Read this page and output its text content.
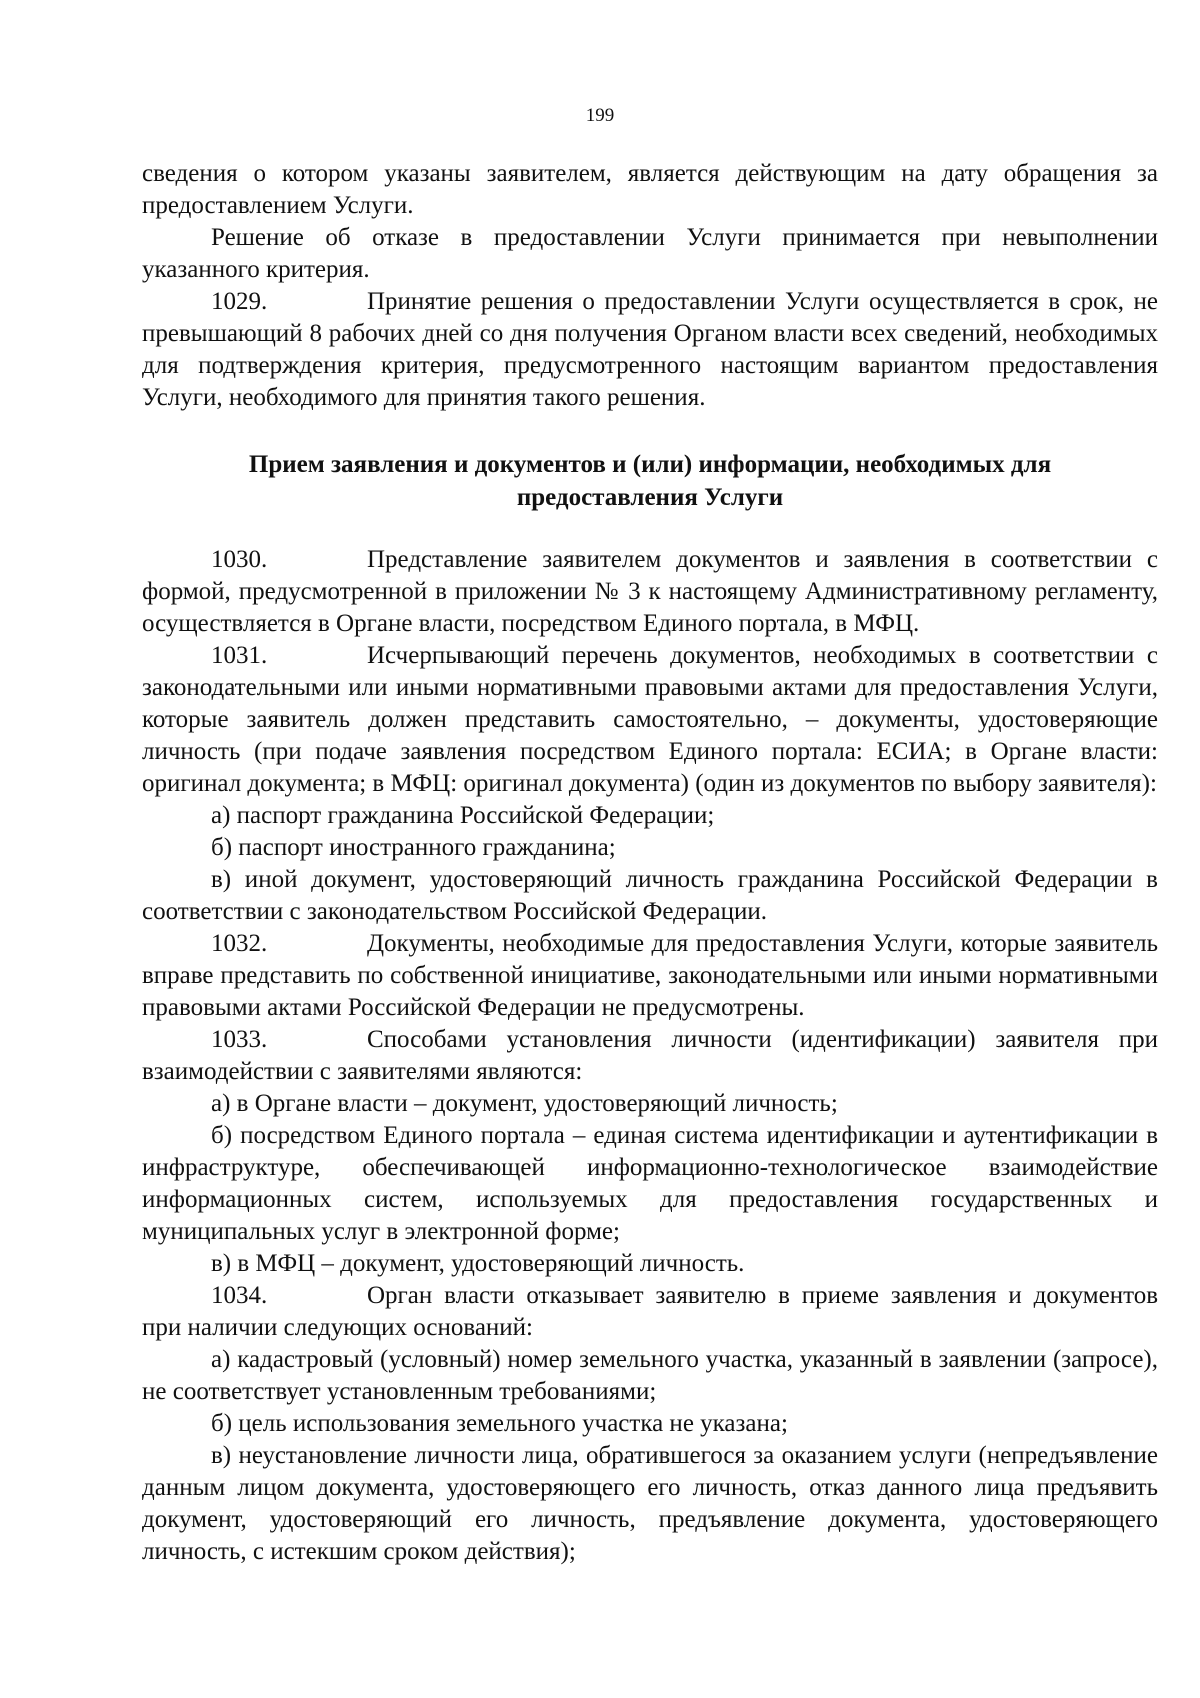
199

сведения о котором указаны заявителем, является действующим на дату обращения за предоставлением Услуги.

Решение об отказе в предоставлении Услуги принимается при невыполнении указанного критерия.

1029.	Принятие решения о предоставлении Услуги осуществляется в срок, не превышающий 8 рабочих дней со дня получения Органом власти всех сведений, необходимых для подтверждения критерия, предусмотренного настоящим вариантом предоставления Услуги, необходимого для принятия такого решения.

Прием заявления и документов и (или) информации, необходимых для
предоставления Услуги

1030.	Представление заявителем документов и заявления в соответствии с формой, предусмотренной в приложении № 3 к настоящему Административному регламенту, осуществляется в Органе власти, посредством Единого портала, в МФЦ.

1031.	Исчерпывающий перечень документов, необходимых в соответствии с законодательными или иными нормативными правовыми актами для предоставления Услуги, которые заявитель должен представить самостоятельно, – документы, удостоверяющие личность (при подаче заявления посредством Единого портала: ЕСИА; в Органе власти: оригинал документа; в МФЦ: оригинал документа) (один из документов по выбору заявителя):

а) паспорт гражданина Российской Федерации;

б) паспорт иностранного гражданина;

в) иной документ, удостоверяющий личность гражданина Российской Федерации в соответствии с законодательством Российской Федерации.

1032.	Документы, необходимые для предоставления Услуги, которые заявитель вправе представить по собственной инициативе, законодательными или иными нормативными правовыми актами Российской Федерации не предусмотрены.

1033.	Способами установления личности (идентификации) заявителя при взаимодействии с заявителями являются:

а) в Органе власти – документ, удостоверяющий личность;

б) посредством Единого портала – единая система идентификации и аутентификации в инфраструктуре, обеспечивающей информационно-технологическое взаимодействие информационных систем, используемых для предоставления государственных и муниципальных услуг в электронной форме;

в) в МФЦ – документ, удостоверяющий личность.

1034.	Орган власти отказывает заявителю в приеме заявления и документов при наличии следующих оснований:

а) кадастровый (условный) номер земельного участка, указанный в заявлении (запросе), не соответствует установленным требованиями;

б) цель использования земельного участка не указана;

в) неустановление личности лица, обратившегося за оказанием услуги (непредъявление данным лицом документа, удостоверяющего его личность, отказ данного лица предъявить документ, удостоверяющий его личность, предъявление документа, удостоверяющего личность, с истекшим сроком действия);
